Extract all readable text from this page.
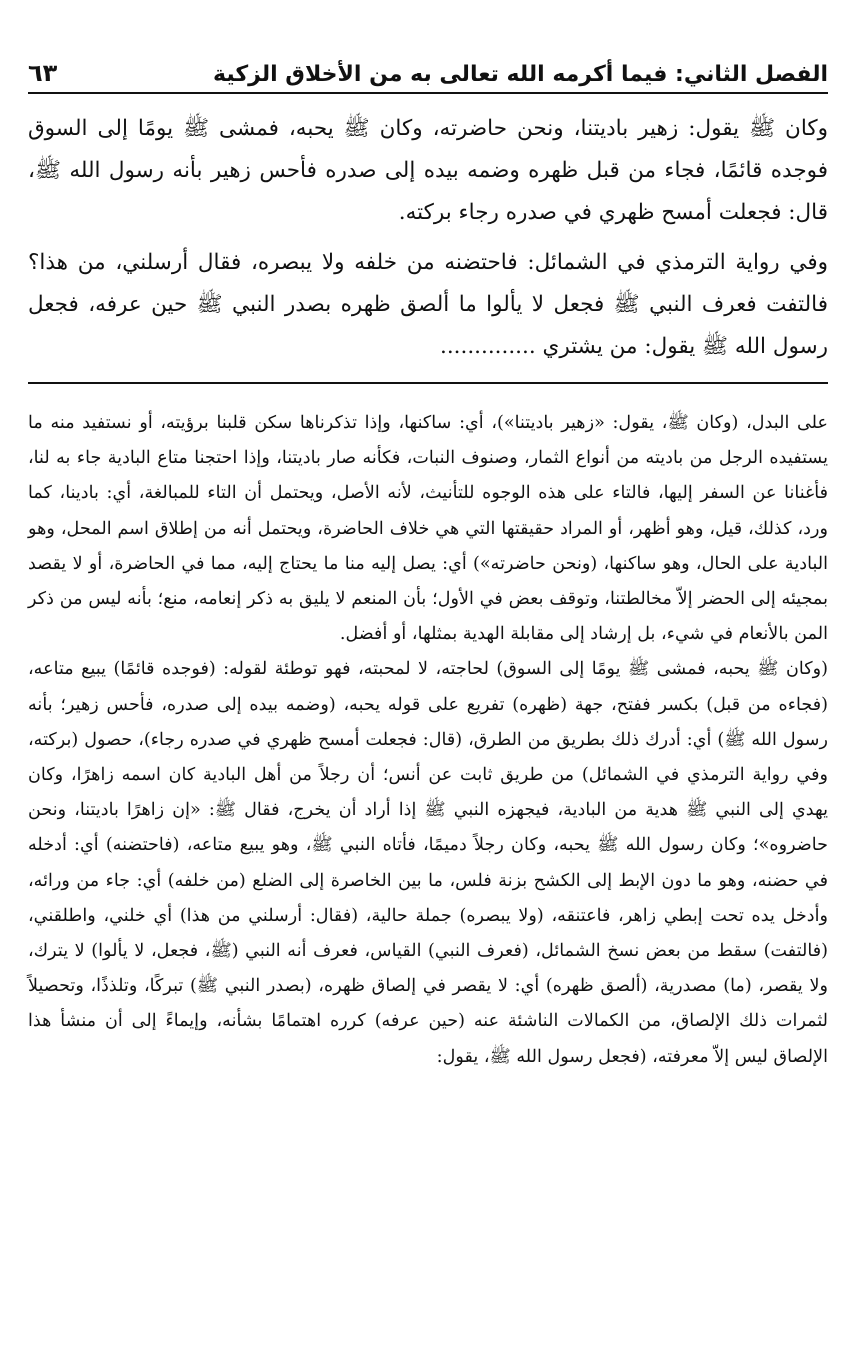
الفصل الثاني: فيما أكرمه الله تعالى به من الأخلاق الزكية
٦٣

وكان ﷺ يقول: زهير باديتنا، ونحن حاضرته، وكان ﷺ يحبه، فمشى ﷺ يومًا إلى السوق فوجده قائمًا، فجاء من قبل ظهره وضمه بيده إلى صدره فأحس زهير بأنه رسول الله ﷺ، قال: فجعلت أمسح ظهري في صدره رجاء بركته.

وفي رواية الترمذي في الشمائل: فاحتضنه من خلفه ولا يبصره، فقال أرسلني، من هذا؟ فالتفت فعرف النبي ﷺ فجعل لا يألوا ما ألصق ظهره بصدر النبي ﷺ حين عرفه، فجعل رسول الله ﷺ يقول: من يشتري ..............

على البدل، (وكان ﷺ، يقول: «زهير باديتنا»)، أي: ساكنها، وإذا تذكرناها سكن قلبنا برؤيته، أو نستفيد منه ما يستفيده الرجل من باديته من أنواع الثمار، وصنوف النبات، فكأنه صار باديتنا، وإذا احتجنا متاع البادية جاء به لنا، فأغنانا عن السفر إليها، فالتاء على هذه الوجوه للتأنيث، لأنه الأصل، ويحتمل أن التاء للمبالغة، أي: بادينا، كما ورد، كذلك، قيل، وهو أظهر، أو المراد حقيقتها التي هي خلاف الحاضرة، ويحتمل أنه من إطلاق اسم المحل، وهو البادية على الحال، وهو ساكنها، (ونحن حاضرته») أي: يصل إليه منا ما يحتاج إليه، مما في الحاضرة، أو لا يقصد بمجيئه إلى الحضر إلاّ مخالطتنا، وتوقف بعض في الأول؛ بأن المنعم لا يليق به ذكر إنعامه، منع؛ بأنه ليس من ذكر المن بالأنعام في شيء، بل إرشاد إلى مقابلة الهدية بمثلها، أو أفضل.

(وكان ﷺ يحبه، فمشى ﷺ يومًا إلى السوق) لحاجته، لا لمحبته، فهو توطئة لقوله: (فوجده قائمًا) يبيع متاعه، (فجاءه من قبل) بكسر ففتح، جهة (ظهره) تفريع على قوله يحبه، (وضمه بيده إلى صدره، فأحس زهير؛ بأنه رسول الله ﷺ) أي: أدرك ذلك بطريق من الطرق، (قال: فجعلت أمسح ظهري في صدره رجاء)، حصول (بركته، وفي رواية الترمذي في الشمائل) من طريق ثابت عن أنس؛ أن رجلاً من أهل البادية كان اسمه زاهرًا، وكان يهدي إلى النبي ﷺ هدية من البادية، فيجهزه النبي ﷺ إذا أراد أن يخرج، فقال ﷺ: «إن زاهرًا باديتنا، ونحن حاضروه»؛ وكان رسول الله ﷺ يحبه، وكان رجلاً دميمًا، فأتاه النبي ﷺ، وهو يبيع متاعه، (فاحتضنه) أي: أدخله في حضنه، وهو ما دون الإبط إلى الكشح بزنة فلس، ما بين الخاصرة إلى الضلع (من خلفه) أي: جاء من ورائه، وأدخل يده تحت إبطي زاهر، فاعتنقه، (ولا يبصره) جملة حالية، (فقال: أرسلني من هذا) أي خلني، واطلقني، (فالتفت) سقط من بعض نسخ الشمائل، (فعرف النبي) القياس، فعرف أنه النبي (ﷺ، فجعل، لا يألوا) لا يترك، ولا يقصر، (ما) مصدرية، (ألصق ظهره) أي: لا يقصر في إلصاق ظهره، (بصدر النبي ﷺ) تبركًا، وتلذذًا، وتحصيلاً لثمرات ذلك الإلصاق، من الكمالات الناشئة عنه (حين عرفه) كرره اهتمامًا بشأنه، وإيماءً إلى أن منشأ هذا الإلصاق ليس إلاّ معرفته، (فجعل رسول الله ﷺ، يقول:
